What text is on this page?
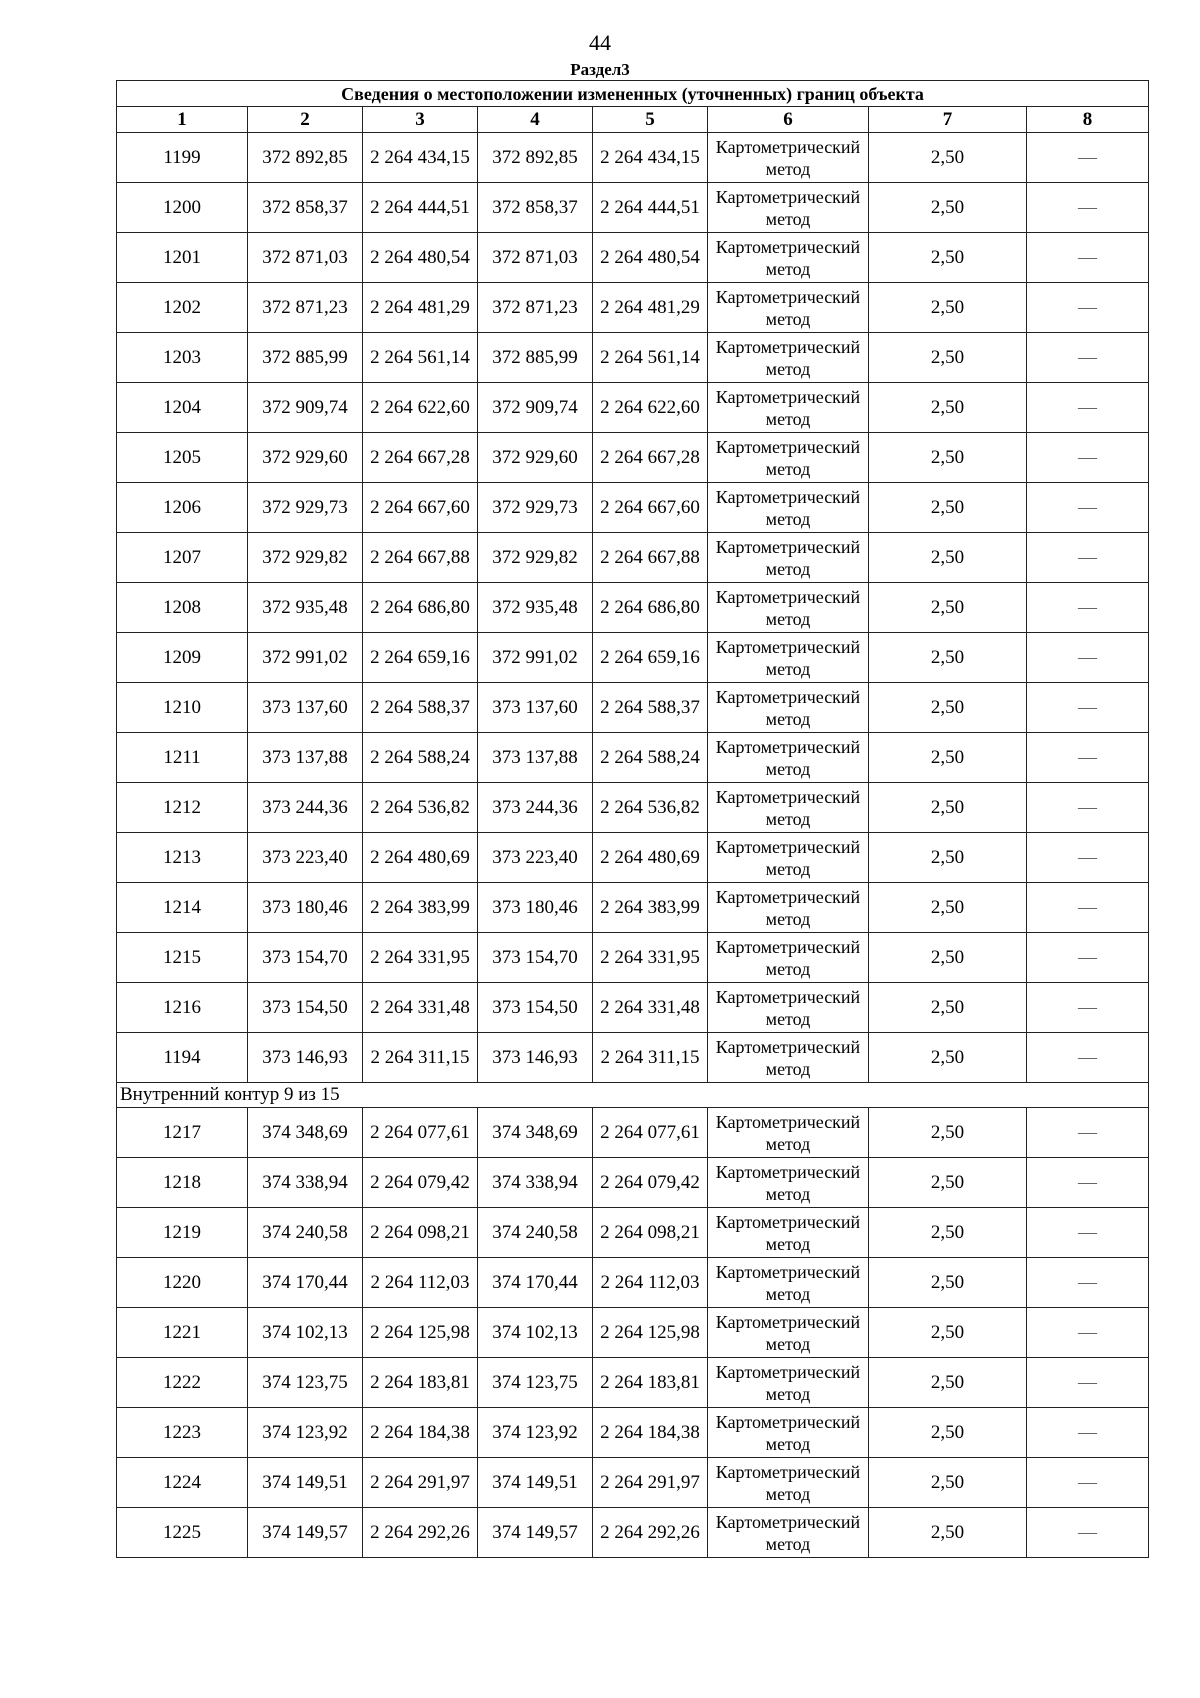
44
Раздел3
Сведения о местоположении измененных (уточненных) границ объекта							
1	2	3	4	5	6	7	8
1199	372 892,85	2 264 434,15	372 892,85	2 264 434,15	Картометрический метод	2,50	—
1200	372 858,37	2 264 444,51	372 858,37	2 264 444,51	Картометрический метод	2,50	—
1201	372 871,03	2 264 480,54	372 871,03	2 264 480,54	Картометрический метод	2,50	—
1202	372 871,23	2 264 481,29	372 871,23	2 264 481,29	Картометрический метод	2,50	—
1203	372 885,99	2 264 561,14	372 885,99	2 264 561,14	Картометрический метод	2,50	—
1204	372 909,74	2 264 622,60	372 909,74	2 264 622,60	Картометрический метод	2,50	—
1205	372 929,60	2 264 667,28	372 929,60	2 264 667,28	Картометрический метод	2,50	—
1206	372 929,73	2 264 667,60	372 929,73	2 264 667,60	Картометрический метод	2,50	—
1207	372 929,82	2 264 667,88	372 929,82	2 264 667,88	Картометрический метод	2,50	—
1208	372 935,48	2 264 686,80	372 935,48	2 264 686,80	Картометрический метод	2,50	—
1209	372 991,02	2 264 659,16	372 991,02	2 264 659,16	Картометрический метод	2,50	—
1210	373 137,60	2 264 588,37	373 137,60	2 264 588,37	Картометрический метод	2,50	—
1211	373 137,88	2 264 588,24	373 137,88	2 264 588,24	Картометрический метод	2,50	—
1212	373 244,36	2 264 536,82	373 244,36	2 264 536,82	Картометрический метод	2,50	—
1213	373 223,40	2 264 480,69	373 223,40	2 264 480,69	Картометрический метод	2,50	—
1214	373 180,46	2 264 383,99	373 180,46	2 264 383,99	Картометрический метод	2,50	—
1215	373 154,70	2 264 331,95	373 154,70	2 264 331,95	Картометрический метод	2,50	—
1216	373 154,50	2 264 331,48	373 154,50	2 264 331,48	Картометрический метод	2,50	—
1194	373 146,93	2 264 311,15	373 146,93	2 264 311,15	Картометрический метод	2,50	—
Внутренний контур 9 из 15							
1217	374 348,69	2 264 077,61	374 348,69	2 264 077,61	Картометрический метод	2,50	—
1218	374 338,94	2 264 079,42	374 338,94	2 264 079,42	Картометрический метод	2,50	—
1219	374 240,58	2 264 098,21	374 240,58	2 264 098,21	Картометрический метод	2,50	—
1220	374 170,44	2 264 112,03	374 170,44	2 264 112,03	Картометрический метод	2,50	—
1221	374 102,13	2 264 125,98	374 102,13	2 264 125,98	Картометрический метод	2,50	—
1222	374 123,75	2 264 183,81	374 123,75	2 264 183,81	Картометрический метод	2,50	—
1223	374 123,92	2 264 184,38	374 123,92	2 264 184,38	Картометрический метод	2,50	—
1224	374 149,51	2 264 291,97	374 149,51	2 264 291,97	Картометрический метод	2,50	—
1225	374 149,57	2 264 292,26	374 149,57	2 264 292,26	Картометрический метод	2,50	—
